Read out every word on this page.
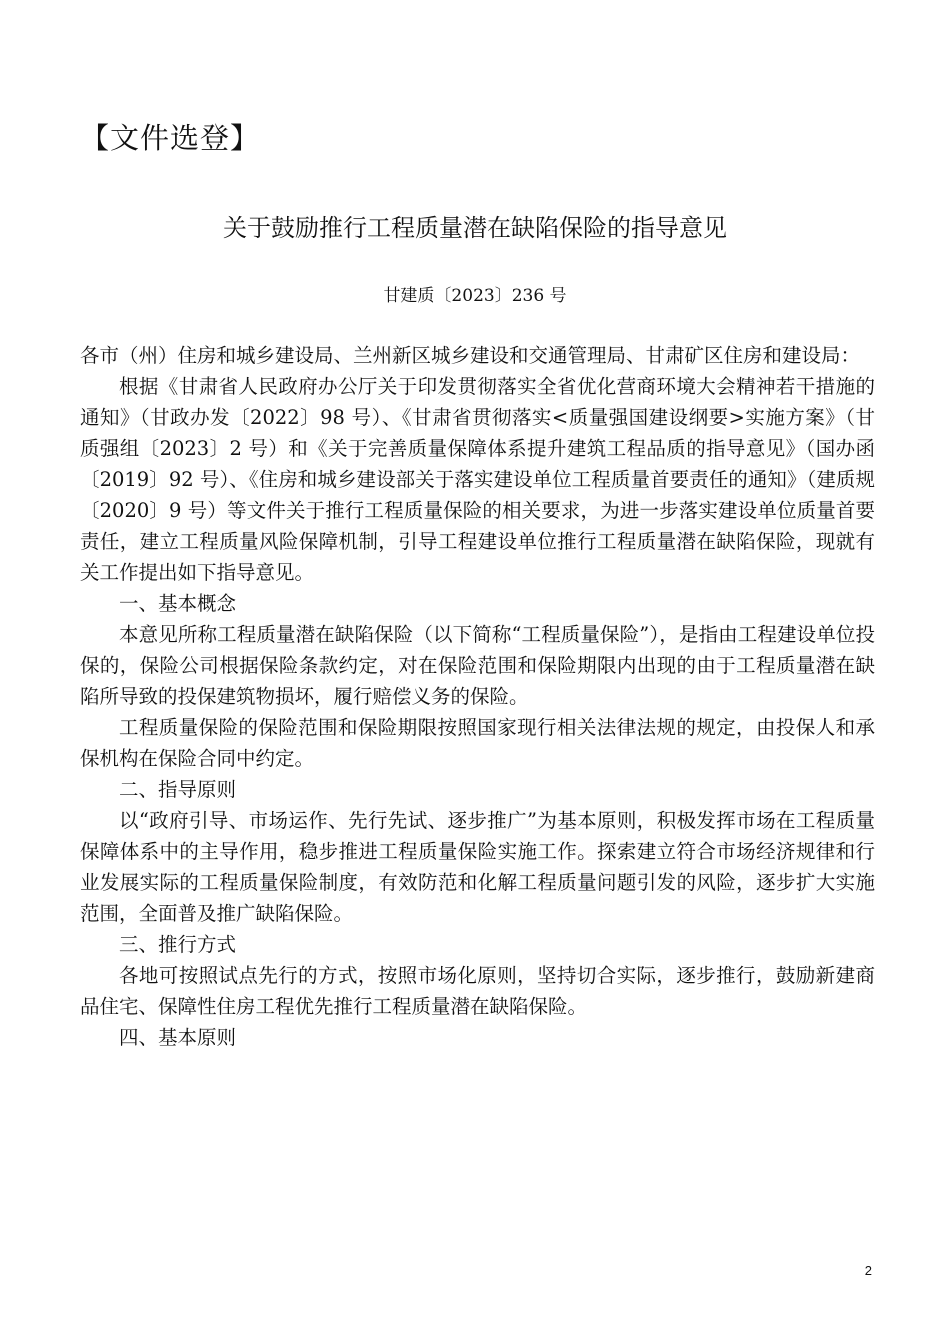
【文件选登】
关于鼓励推行工程质量潜在缺陷保险的指导意见
甘建质〔2023〕236 号

各市（州）住房和城乡建设局、兰州新区城乡建设和交通管理局、甘肃矿区住房和建设局：

根据《甘肃省人民政府办公厅关于印发贯彻落实全省优化营商环境大会精神若干措施的通知》（甘政办发〔2022〕98 号）、《甘肃省贯彻落实<质量强国建设纲要>实施方案》（甘质强组〔2023〕2 号）和《关于完善质量保障体系提升建筑工程品质的指导意见》（国办函〔2019〕92 号）、《住房和城乡建设部关于落实建设单位工程质量首要责任的通知》（建质规〔2020〕9 号）等文件关于推行工程质量保险的相关要求，为进一步落实建设单位质量首要责任，建立工程质量风险保障机制，引导工程建设单位推行工程质量潜在缺陷保险，现就有关工作提出如下指导意见。

一、基本概念

本意见所称工程质量潜在缺陷保险（以下简称“工程质量保险”），是指由工程建设单位投保的，保险公司根据保险条款约定，对在保险范围和保险期限内出现的由于工程质量潜在缺陷所导致的投保建筑物损坏，履行赔偿义务的保险。

工程质量保险的保险范围和保险期限按照国家现行相关法律法规的规定，由投保人和承保机构在保险合同中约定。

二、指导原则

以“政府引导、市场运作、先行先试、逐步推广”为基本原则，积极发挥市场在工程质量保障体系中的主导作用，稳步推进工程质量保险实施工作。探索建立符合市场经济规律和行业发展实际的工程质量保险制度，有效防范和化解工程质量问题引发的风险，逐步扩大实施范围，全面普及推广缺陷保险。

三、推行方式

各地可按照试点先行的方式，按照市场化原则，坚持切合实际，逐步推行，鼓励新建商品住宅、保障性住房工程优先推行工程质量潜在缺陷保险。

四、基本原则

2
